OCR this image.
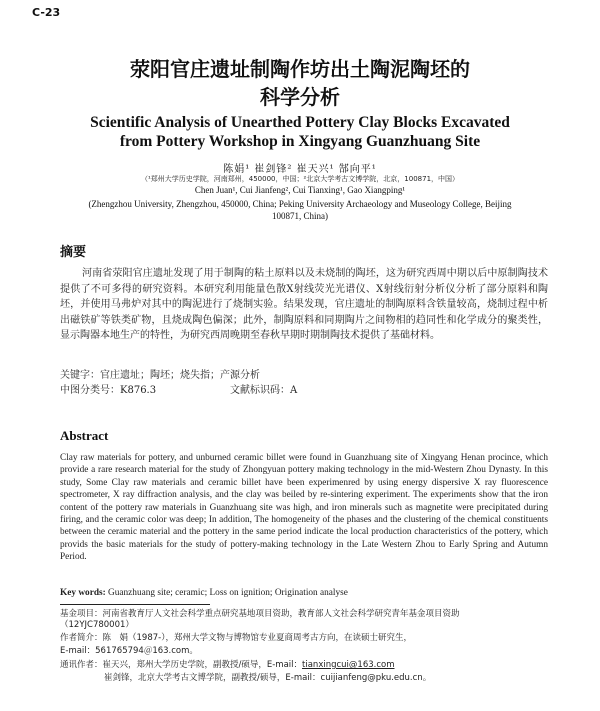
C-23
荥阳官庄遗址制陶作坊出土陶泥陶坯的
科学分析
Scientific Analysis of Unearthed Pottery Clay Blocks Excavated
from Pottery Workshop in Xingyang Guanzhuang Site
陈娟¹ 崔剑锋² 崔天兴¹ 郜向平¹
（¹郑州大学历史学院，河南郑州，450000，中国；²北京大学考古文博学院，北京，100871，中国）
Chen Juan¹, Cui Jianfeng², Cui Tianxing¹, Gao Xiangping¹
(Zhengzhou University, Zhengzhou, 450000, China; Peking University Archaeology and Museology College, Beijing
100871, China)
摘要
河南省荥阳官庄遗址发现了用于制陶的粘土原料以及未烧制的陶坯，这为研究西周中期以后中原制陶技术提供了不可多得的研究资料。本研究利用能量色散X射线荧光光谱仪、X射线衍射分析仪分析了部分原料和陶坯，并使用马弗炉对其中的陶泥进行了烧制实验。结果发现，官庄遗址的制陶原料含铁量较高，烧制过程中析出磁铁矿等铁类矿物，且烧成陶色偏深；此外，制陶原料和同期陶片之间物相的趋同性和化学成分的聚类性，显示陶器本地生产的特性，为研究西周晚期至春秋早期时期制陶技术提供了基础材料。
关键字：官庄遗址；陶坯；烧失指；产源分析
中图分类号：K876.3	文献标识码：A
Abstract
Clay raw materials for pottery, and unburned ceramic billet were found in Guanzhuang site of Xingyang Henan procince, which provide a rare research material for the study of Zhongyuan pottery making technology in the mid-Western Zhou Dynasty. In this study, Some Clay raw materials and ceramic billet have been experimenred by using energy dispersive X ray fluorescence spectrometer, X ray diffraction analysis, and the clay was beiled by re-sintering experiment. The experiments show that the iron content of the pottery raw materials in Guanzhuang site was high, and iron minerals such as magnetite were precipitated during firing, and the ceramic color was deep; In addition, The homogeneity of the phases and the clustering of the chemical constituents between the ceramic material and the pottery in the same period indicate the local production characteristics of the pottery, which provids the basic materials for the study of pottery-making technology in the Late Western Zhou to Early Spring and Autumn Period.
Key words: Guanzhuang site; ceramic; Loss on ignition; Origination analyse
基金项目：河南省教育厅人文社会科学重点研究基地项目资助，教育部人文社会科学研究青年基金项目资助
（12YJC780001）
作者简介：陈　娟（1987-），郑州大学文物与博物馆专业夏商周考古方向，在读硕士研究生，
E-mail：561765794＠163.com。
通讯作者：崔天兴，郑州大学历史学院，副教授/硕导，E-mail：tianxingcui@163.com
崔剑锋，北京大学考古文博学院，副教授/硕导，E-mail：cuijianfeng@pku.edu.cn。
